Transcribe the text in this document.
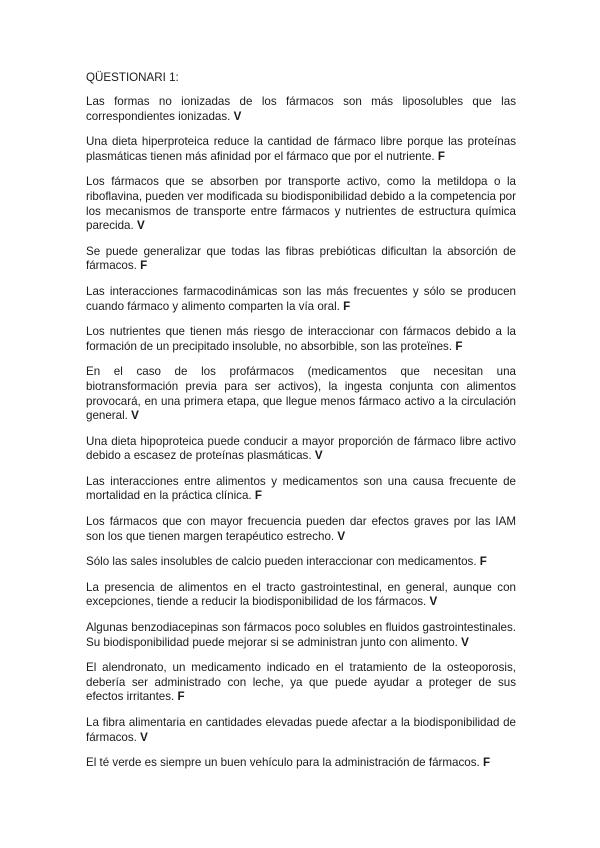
QÜESTIONARI 1:

Las formas no ionizadas de los fármacos son más liposolubles que las correspondientes ionizadas. V

Una dieta hiperproteica reduce la cantidad de fármaco libre porque las proteínas plasmáticas tienen más afinidad por el fármaco que por el nutriente. F

Los fármacos que se absorben por transporte activo, como la metildopa o la riboflavina, pueden ver modificada su biodisponibilidad debido a la competencia por los mecanismos de transporte entre fármacos y nutrientes de estructura química parecida. V

Se puede generalizar que todas las fibras prebióticas dificultan la absorción de fármacos. F

Las interacciones farmacodinámicas son las más frecuentes y sólo se producen cuando fármaco y alimento comparten la vía oral. F

Los nutrientes que tienen más riesgo de interaccionar con fármacos debido a la formación de un precipitado insoluble, no absorbible, son las proteïnes. F

En el caso de los profármacos (medicamentos que necesitan una biotransformación previa para ser activos), la ingesta conjunta con alimentos provocará, en una primera etapa, que llegue menos fármaco activo a la circulación general. V

Una dieta hipoproteica puede conducir a mayor proporción de fármaco libre activo debido a escasez de proteínas plasmáticas. V

Las interacciones entre alimentos y medicamentos son una causa frecuente de mortalidad en la práctica clínica. F

Los fármacos que con mayor frecuencia pueden dar efectos graves por las IAM son los que tienen margen terapéutico estrecho. V

Sólo las sales insolubles de calcio pueden interaccionar con medicamentos. F

La presencia de alimentos en el tracto gastrointestinal, en general, aunque con excepciones, tiende a reducir la biodisponibilidad de los fármacos. V

Algunas benzodiacepinas son fármacos poco solubles en fluidos gastrointestinales. Su biodisponibilidad puede mejorar si se administran junto con alimento. V

El alendronato, un medicamento indicado en el tratamiento de la osteoporosis, debería ser administrado con leche, ya que puede ayudar a proteger de sus efectos irritantes. F

La fibra alimentaria en cantidades elevadas puede afectar a la biodisponibilidad de fármacos. V

El té verde es siempre un buen vehículo para la administración de fármacos. F
